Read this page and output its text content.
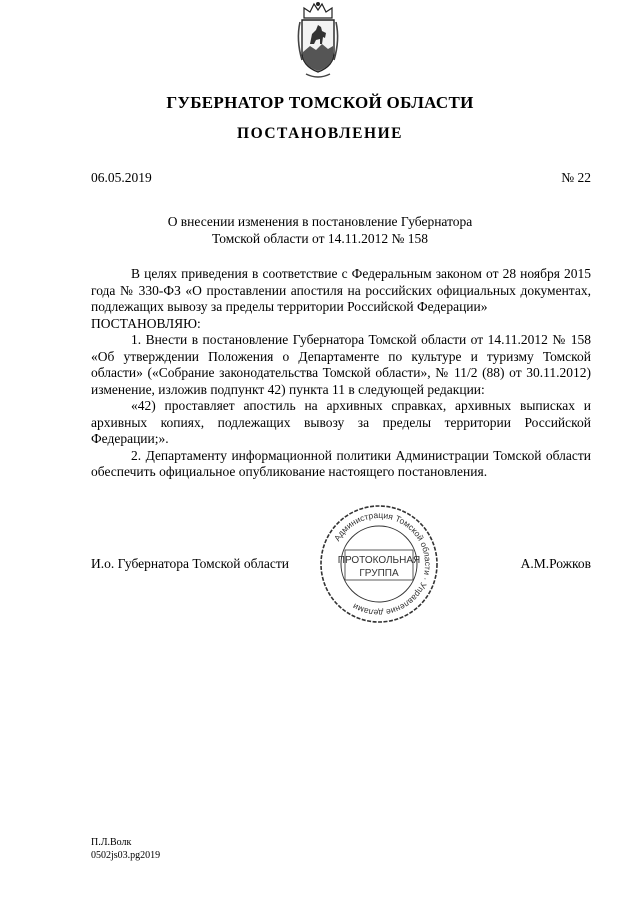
ГУБЕРНАТОР ТОМСКОЙ ОБЛАСТИ
ПОСТАНОВЛЕНИЕ
06.05.2019	№ 22
О внесении изменения в постановление Губернатора
Томской области от 14.11.2012 № 158

В целях приведения в соответствие с Федеральным законом от 28 ноября 2015 года № 330-ФЗ «О проставлении апостиля на российских официальных документах, подлежащих вывозу за пределы территории Российской Федерации»

ПОСТАНОВЛЯЮ:

1. Внести в постановление Губернатора Томской области от 14.11.2012 № 158 «Об утверждении Положения о Департаменте по культуре и туризму Томской области» («Собрание законодательства Томской области», № 11/2 (88) от 30.11.2012) изменение, изложив подпункт 42) пункта 11 в следующей редакции:

«42) проставляет апостиль на архивных справках, архивных выписках и архивных копиях, подлежащих вывозу за пределы территории Российской Федерации;».

2. Департаменту информационной политики Администрации Томской области обеспечить официальное опубликование настоящего постановления.

И.о. Губернатора Томской области	А.М.Рожков
Администрация Томской области · Управление делами
ПРОТОКОЛЬНАЯ
ГРУППА
П.Л.Волк
0502js03.pg2019
